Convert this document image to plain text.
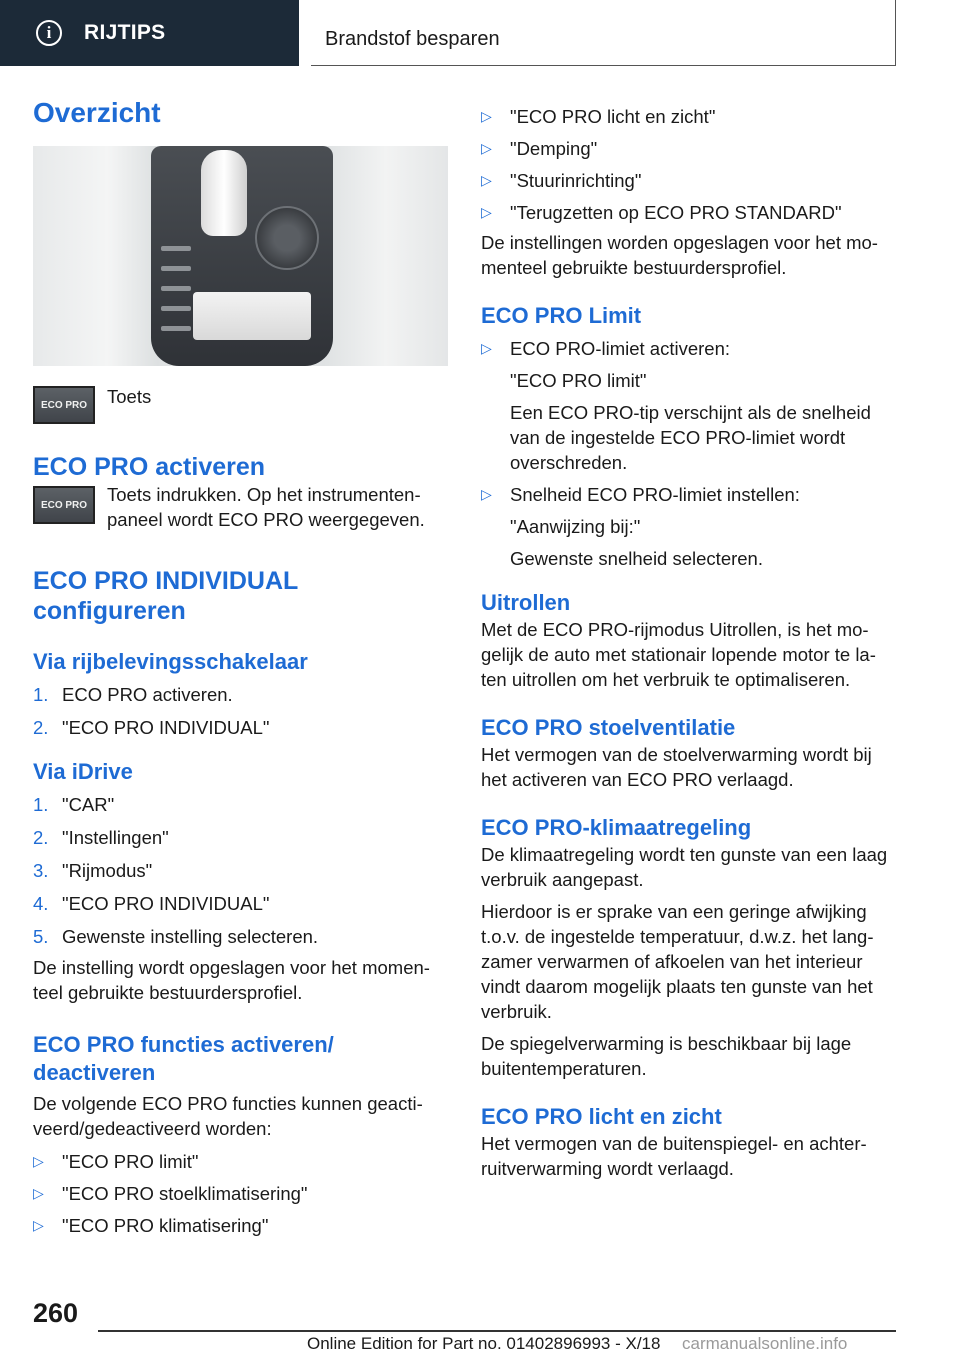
i	RIJTIPS	Brandstof besparen
Overzicht
ECO PRO	Toets
ECO PRO activeren
ECO PRO	Toets indrukken. Op het instrumenten-paneel wordt ECO PRO weergegeven.
ECO PRO INDIVIDUAL configureren
Via rijbelevingsschakelaar
1. ECO PRO activeren.
2. "ECO PRO INDIVIDUAL"
Via iDrive
1. "CAR"
2. "Instellingen"
3. "Rijmodus"
4. "ECO PRO INDIVIDUAL"
5. Gewenste instelling selecteren.

De instelling wordt opgeslagen voor het momen-teel gebruikte bestuurdersprofiel.

ECO PRO functies activeren/ deactiveren

De volgende ECO PRO functies kunnen geacti-veerd/gedeactiveerd worden:

▷ "ECO PRO limit"
▷ "ECO PRO stoelklimatisering"
▷ "ECO PRO klimatisering"
▷ "ECO PRO licht en zicht"
▷ "Demping"
▷ "Stuurinrichting"
▷ "Terugzetten op ECO PRO STANDARD"

De instellingen worden opgeslagen voor het mo-menteel gebruikte bestuurdersprofiel.

ECO PRO Limit
▷ ECO PRO-limiet activeren:

"ECO PRO limit"

Een ECO PRO-tip verschijnt als de snelheid van de ingestelde ECO PRO-limiet wordt overschreden.

▷ Snelheid ECO PRO-limiet instellen:

"Aanwijzing bij:"

Gewenste snelheid selecteren.

Uitrollen

Met de ECO PRO-rijmodus Uitrollen, is het mo-gelijk de auto met stationair lopende motor te la-ten uitrollen om het verbruik te optimaliseren.

ECO PRO stoelventilatie

Het vermogen van de stoelverwarming wordt bij het activeren van ECO PRO verlaagd.

ECO PRO-klimaatregeling

De klimaatregeling wordt ten gunste van een laag verbruik aangepast.

Hierdoor is er sprake van een geringe afwijking t.o.v. de ingestelde temperatuur, d.w.z. het lang-zamer verwarmen of afkoelen van het interieur vindt daarom mogelijk plaats ten gunste van het verbruik.

De spiegelverwarming is beschikbaar bij lage buitentemperaturen.

ECO PRO licht en zicht

Het vermogen van de buitenspiegel- en achter-ruitverwarming wordt verlaagd.

260
Online Edition for Part no. 01402896993 - X/18 carmanualsonline.info
